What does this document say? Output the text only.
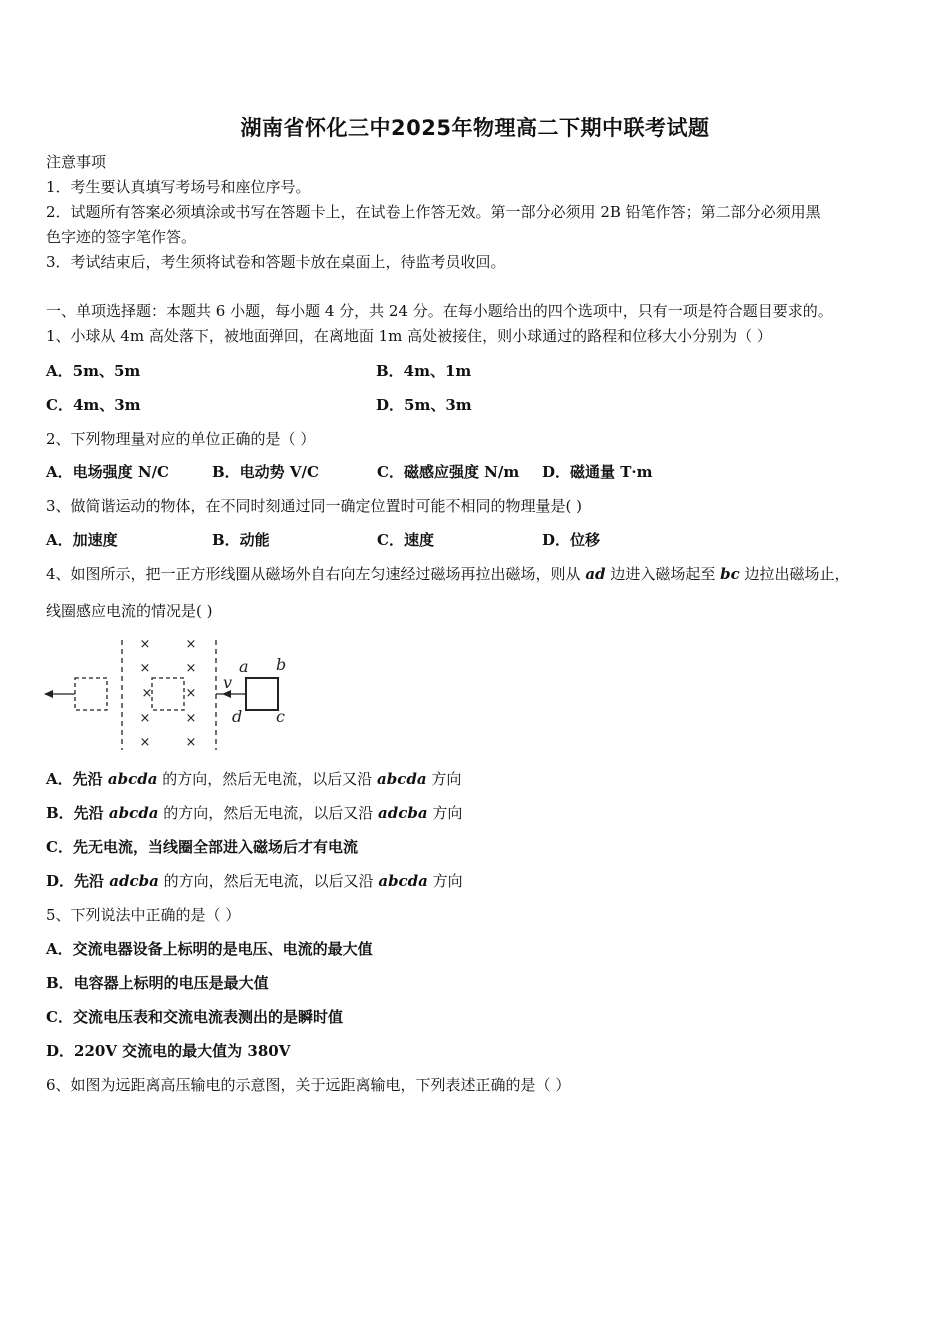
湖南省怀化三中2025年物理高二下期中联考试题
注意事项
1．考生要认真填写考场号和座位序号。
2．试题所有答案必须填涂或书写在答题卡上，在试卷上作答无效。第一部分必须用 2B 铅笔作答；第二部分必须用黑
色字迹的签字笔作答。
3．考试结束后，考生须将试卷和答题卡放在桌面上，待监考员收回。
一、单项选择题：本题共 6 小题，每小题 4 分，共 24 分。在每小题给出的四个选项中，只有一项是符合题目要求的。
1、小球从 4m 高处落下，被地面弹回，在离地面 1m 高处被接住，则小球通过的路程和位移大小分别为（ ）
A．5m、5m	B．4m、1m
C．4m、3m	D．5m、3m
2、下列物理量对应的单位正确的是（ ）
A．电场强度 N/C	B．电动势 V/C	C．磁感应强度 N/m D．磁通量 T·m
3、做简谐运动的物体，在不同时刻通过同一确定位置时可能不相同的物理量是( )
A．加速度	B．动能	C．速度	D．位移
4、如图所示，把一正方形线圈从磁场外自右向左匀速经过磁场再拉出磁场，则从 ad 边进入磁场起至 bc 边拉出磁场止，
线圈感应电流的情况是( )
×	×
×	×
×
×	×
×	×
×
a b
c
d
v
A．先沿 abcda 的方向，然后无电流，以后又沿 abcda 方向
B．先沿 abcda 的方向，然后无电流，以后又沿 adcba 方向
C．先无电流，当线圈全部进入磁场后才有电流
D．先沿 adcba 的方向，然后无电流，以后又沿 abcda 方向
5、下列说法中正确的是（ ）
A．交流电器设备上标明的是电压、电流的最大值
B．电容器上标明的电压是最大值
C．交流电压表和交流电流表测出的是瞬时值
D．220V 交流电的最大值为 380V
6、如图为远距离高压输电的示意图，关于远距离输电，下列表述正确的是（ ）
